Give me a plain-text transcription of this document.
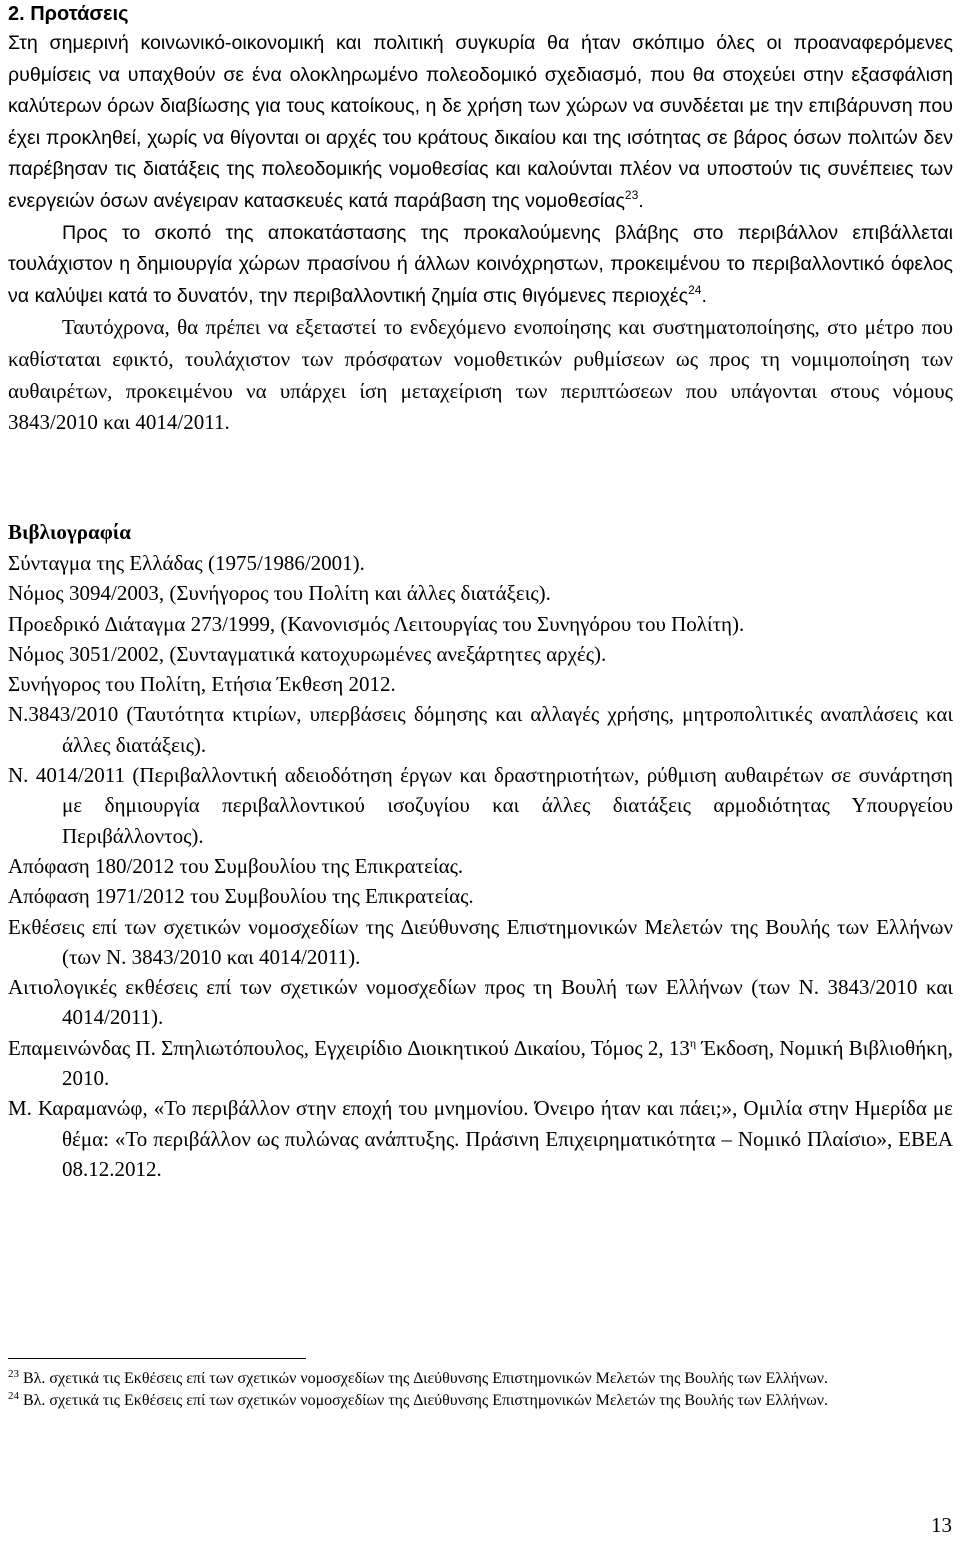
2. Προτάσεις

Στη σημερινή κοινωνικό-οικονομική και πολιτική συγκυρία θα ήταν σκόπιμο όλες οι προαναφερόμενες ρυθμίσεις να υπαχθούν σε ένα ολοκληρωμένο πολεοδομικό σχεδιασμό, που θα στοχεύει στην εξασφάλιση καλύτερων όρων διαβίωσης για τους κατοίκους, η δε χρήση των χώρων να συνδέεται με την επιβάρυνση που έχει προκληθεί, χωρίς να θίγονται οι αρχές του κράτους δικαίου και της ισότητας σε βάρος όσων πολιτών δεν παρέβησαν τις διατάξεις της πολεοδομικής νομοθεσίας και καλούνται πλέον να υποστούν τις συνέπειες των ενεργειών όσων ανέγειραν κατασκευές κατά παράβαση της νομοθεσίας$^{23}$.

Προς το σκοπό της αποκατάστασης της προκαλούμενης βλάβης στο περιβάλλον επιβάλλεται τουλάχιστον η δημιουργία χώρων πρασίνου ή άλλων κοινόχρηστων, προκειμένου το περιβαλλοντικό όφελος να καλύψει κατά το δυνατόν, την περιβαλλοντική ζημία στις θιγόμενες περιοχές$^{24}$.

Ταυτόχρονα, θα πρέπει να εξεταστεί το ενδεχόμενο ενοποίησης και συστηματοποίησης, στο μέτρο που καθίσταται εφικτό, τουλάχιστον των πρόσφατων νομοθετικών ρυθμίσεων ως προς τη νομιμοποίηση των αυθαιρέτων, προκειμένου να υπάρχει ίση μεταχείριση των περιπτώσεων που υπάγονται στους νόμους 3843/2010 και 4014/2011.

Βιβλιογραφία
Σύνταγμα της Ελλάδας (1975/1986/2001).
Νόμος 3094/2003, (Συνήγορος του Πολίτη και άλλες διατάξεις).
Προεδρικό ∆ιάταγμα 273/1999, (Κανονισμός Λειτουργίας του Συνηγόρου του Πολίτη).
Νόμος 3051/2002, (Συνταγματικά κατοχυρωμένες ανεξάρτητες αρχές).
Συνήγορος του Πολίτη, Ετήσια Έκθεση 2012.
Ν.3843/2010 (Ταυτότητα κτιρίων, υπερβάσεις δόμησης και αλλαγές χρήσης, μητροπολιτικές αναπλάσεις και άλλες διατάξεις).
Ν. 4014/2011 (Περιβαλλοντική αδειοδότηση έργων και δραστηριοτήτων, ρύθμιση αυθαιρέτων σε συνάρτηση με δημιουργία περιβαλλοντικού ισοζυγίου και άλλες διατάξεις αρμοδιότητας Υπουργείου Περιβάλλοντος).
Απόφαση 180/2012 του Συμβουλίου της Επικρατείας.
Απόφαση 1971/2012 του Συμβουλίου της Επικρατείας.
Εκθέσεις επί των σχετικών νομοσχεδίων της ∆ιεύθυνσης Επιστημονικών Μελετών της Βουλής των Ελλήνων (των Ν. 3843/2010 και 4014/2011).
Αιτιολογικές εκθέσεις επί των σχετικών νομοσχεδίων προς τη Βουλή των Ελλήνων (των Ν. 3843/2010 και 4014/2011).
Επαμεινώνδας Π. Σπηλιωτόπουλος, Εγχειρίδιο ∆ιοικητικού ∆ικαίου, Τόμος 2, $13^\eta$ Έκδοση, Νομική Βιβλιοθήκη, 2010.
Μ. Καραμανώφ, «Το περιβάλλον στην εποχή του μνημονίου. Όνειρο ήταν και πάει;», Ομιλία στην Ημερίδα με θέμα: «Το περιβάλλον ως πυλώνας ανάπτυξης. Πράσινη Επιχειρηματικότητα – Νομικό Πλαίσιο», ΕΒΕΑ 08.12.2012.

$^{23}$ Βλ. σχετικά τις Εκθέσεις επί των σχετικών νομοσχεδίων της ∆ιεύθυνσης Επιστημονικών Μελετών της Βουλής των Ελλήνων.

$^{24}$ Βλ. σχετικά τις Εκθέσεις επί των σχετικών νομοσχεδίων της ∆ιεύθυνσης Επιστημονικών Μελετών της Βουλής των Ελλήνων.

13
